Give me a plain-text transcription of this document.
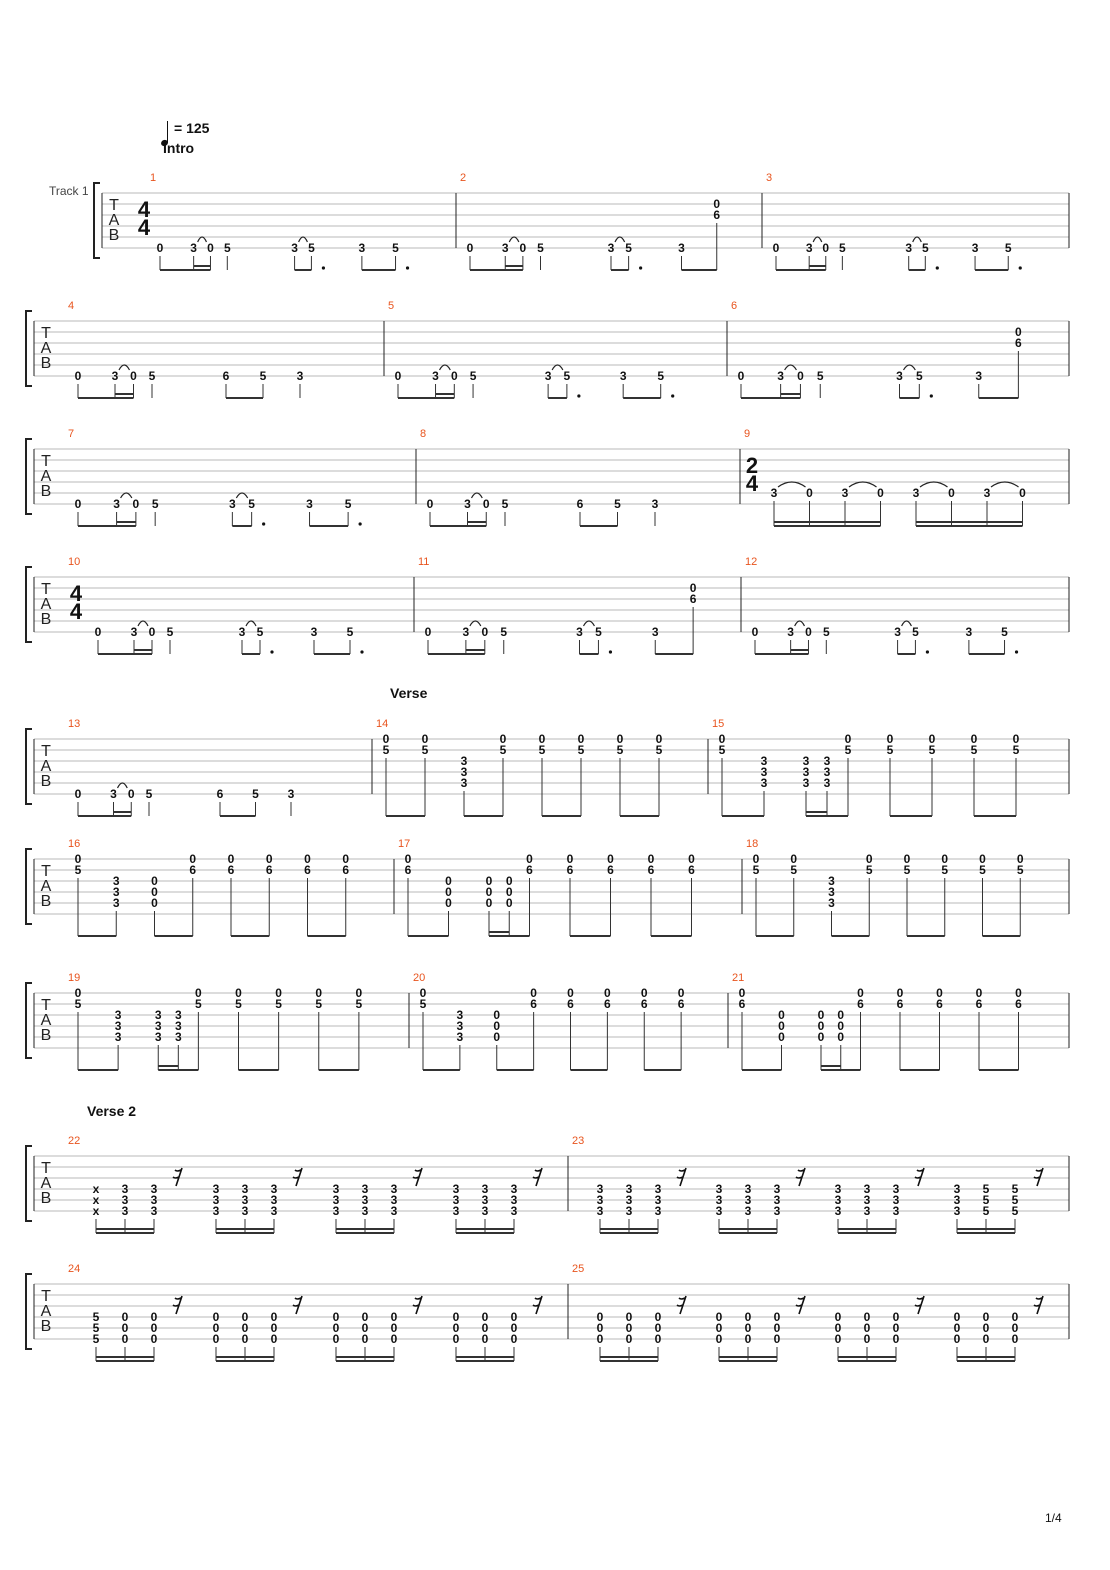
= 125
Intro
Verse
Verse 2
Track 1
T
A
B
1
4
4
0 3 0 5	3 5	3 5
2
0 3 0 5	3 5	3
0
6
3
0 3 0 5	3 5	3 5
T
A
B
4
0	3 0 5	6	5	3
5
0	3 0 5	3 5	3	5
6
0	3 0 5	3 5	3
0
6
T
A
B
7
0	3 0 5	3 5	3	5
8
0	3 0 5	6	5	3
9
2
4 3 0 3 0 3 0 3 0
T
A
B
10
4
4
0 3 0 5	3 5	3 5
11
0	3 0 5	3 5	3
0
6
12
0 3 0 5	3 5	3 5
T
A
B
13
0 3 0 5	6 5 3
14
0
5
0
5
3
3
3
0
5
0
5
0
5
0
5
0
5
15
0
5
3
3
3
3
3
3
3
3
3
0
5
0
5
0
5
0
5
0
5
T
A
B
16
0
5
3
3
3
0
0
0
0
6
0
6
0
6
0
6
0
6
17
0
6
0
0
0
0
0
0
0
0
0
0
6
0
6
0
6
0
6
0
6
18
0
5
0
5
3
3
3
0
5
0
5
0
5
0
5
0
5
T
A
B
19
0
5
3
3
3
3
3
3
3
3
3
0
5
0
5
0
5
0
5
0
5
20
0
5
3
3
3
0
0
0
0
6
0
6
0
6
0
6
0
6
21
0
6
0
0
0
0
0
0
0
0
0
0
6
0
6
0
6
0
6
0
6
T
A
B
22
x
x
x
3
3
3
3
3
3
3
3
3
3
3
3
3
3
3
3
3
3
3
3
3
3
3
3
3
3
3
3
3
3
3
3
3
23
3
3
3
3
3
3
3
3
3
3
3
3
3
3
3
3
3
3
3
3
3
3
3
3
3
3
3
3
3
3
5
5
5
5
5
5
T
A
B
24
5
5
5
0
0
0
0
0
0
0
0
0
0
0
0
0
0
0
0
0
0
0
0
0
0
0
0
0
0
0
0
0
0
0
0
0
25
0
0
0
0
0
0
0
0
0
0
0
0
0
0
0
0
0
0
0
0
0
0
0
0
0
0
0
0
0
0
0
0
0
0
0
0
1/4
